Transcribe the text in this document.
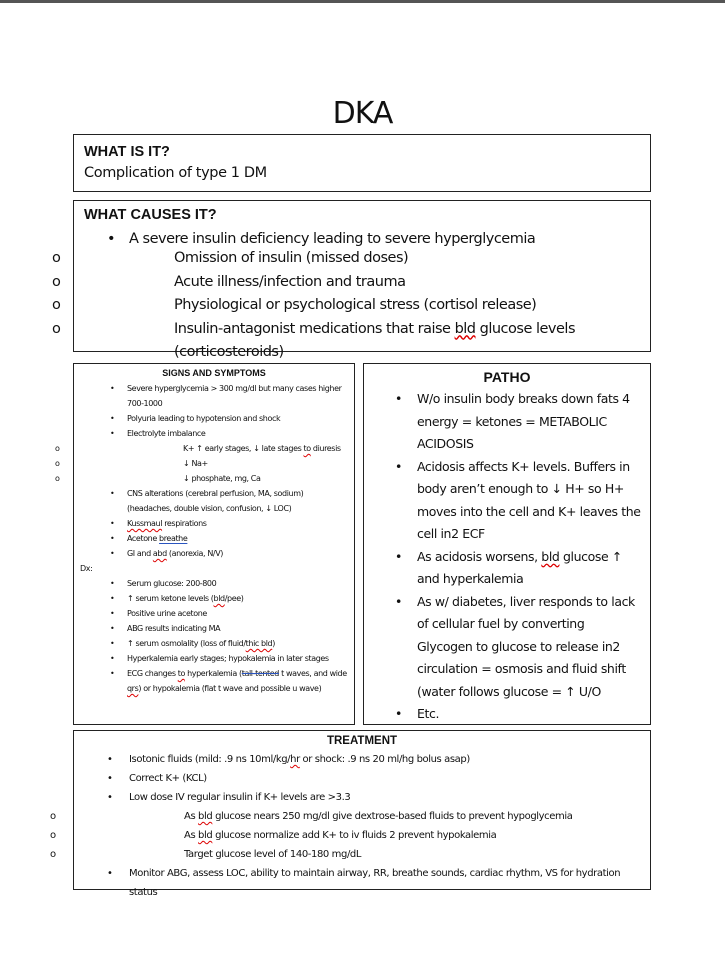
DKA
WHAT IS IT?
Complication of type 1 DM
WHAT CAUSES IT?
• A severe insulin deficiency leading to severe hyperglycemia
o Omission of insulin (missed doses)
o Acute illness/infection and trauma
o Physiological or psychological stress (cortisol release)
o Insulin-antagonist medications that raise bld glucose levels (corticosteroids)
SIGNS AND SYMPTOMS
• Severe hyperglycemia > 300 mg/dl but many cases higher
700-1000
• Polyuria leading to hypotension and shock
• Electrolyte imbalance
o K+ ↑ early stages, ↓ late stages to diuresis
o ↓ Na+
o ↓ phosphate, mg, Ca
• CNS alterations (cerebral perfusion, MA, sodium)
(headaches, double vision, confusion, ↓ LOC)
• Kussmaul respirations
• Acetone breathe
• GI and abd (anorexia, N/V)
Dx:
• Serum glucose: 200-800
• ↑ serum ketone levels (bld/pee)
• Positive urine acetone
• ABG results indicating MA
• ↑ serum osmolality (loss of fluid/thic bld)
• Hyperkalemia early stages; hypokalemia in later stages
• ECG changes to hyperkalemia (tall-tented t waves, and wide
qrs) or hypokalemia (flat t wave and possible u wave)
PATHO
• W/o insulin body breaks down fats 4 energy = ketones = METABOLIC ACIDOSIS
• Acidosis affects K+ levels. Buffers in body aren’t enough to ↓ H+ so H+ moves into the cell and K+ leaves the cell in2 ECF
• As acidosis worsens, bld glucose ↑ and hyperkalemia
• As w/ diabetes, liver responds to lack of cellular fuel by converting Glycogen to glucose to release in2 circulation = osmosis and fluid shift (water follows glucose = ↑ U/O
• Etc.
TREATMENT
• Isotonic fluids (mild: .9 ns 10ml/kg/hr or shock: .9 ns 20 ml/hg bolus asap)
• Correct K+ (KCL)
• Low dose IV regular insulin if K+ levels are >3.3
o As bld glucose nears 250 mg/dl give dextrose-based fluids to prevent hypoglycemia
o As bld glucose normalize add K+ to iv fluids 2 prevent hypokalemia
o Target glucose level of 140-180 mg/dL
• Monitor ABG, assess LOC, ability to maintain airway, RR, breathe sounds, cardiac rhythm, VS for hydration status
